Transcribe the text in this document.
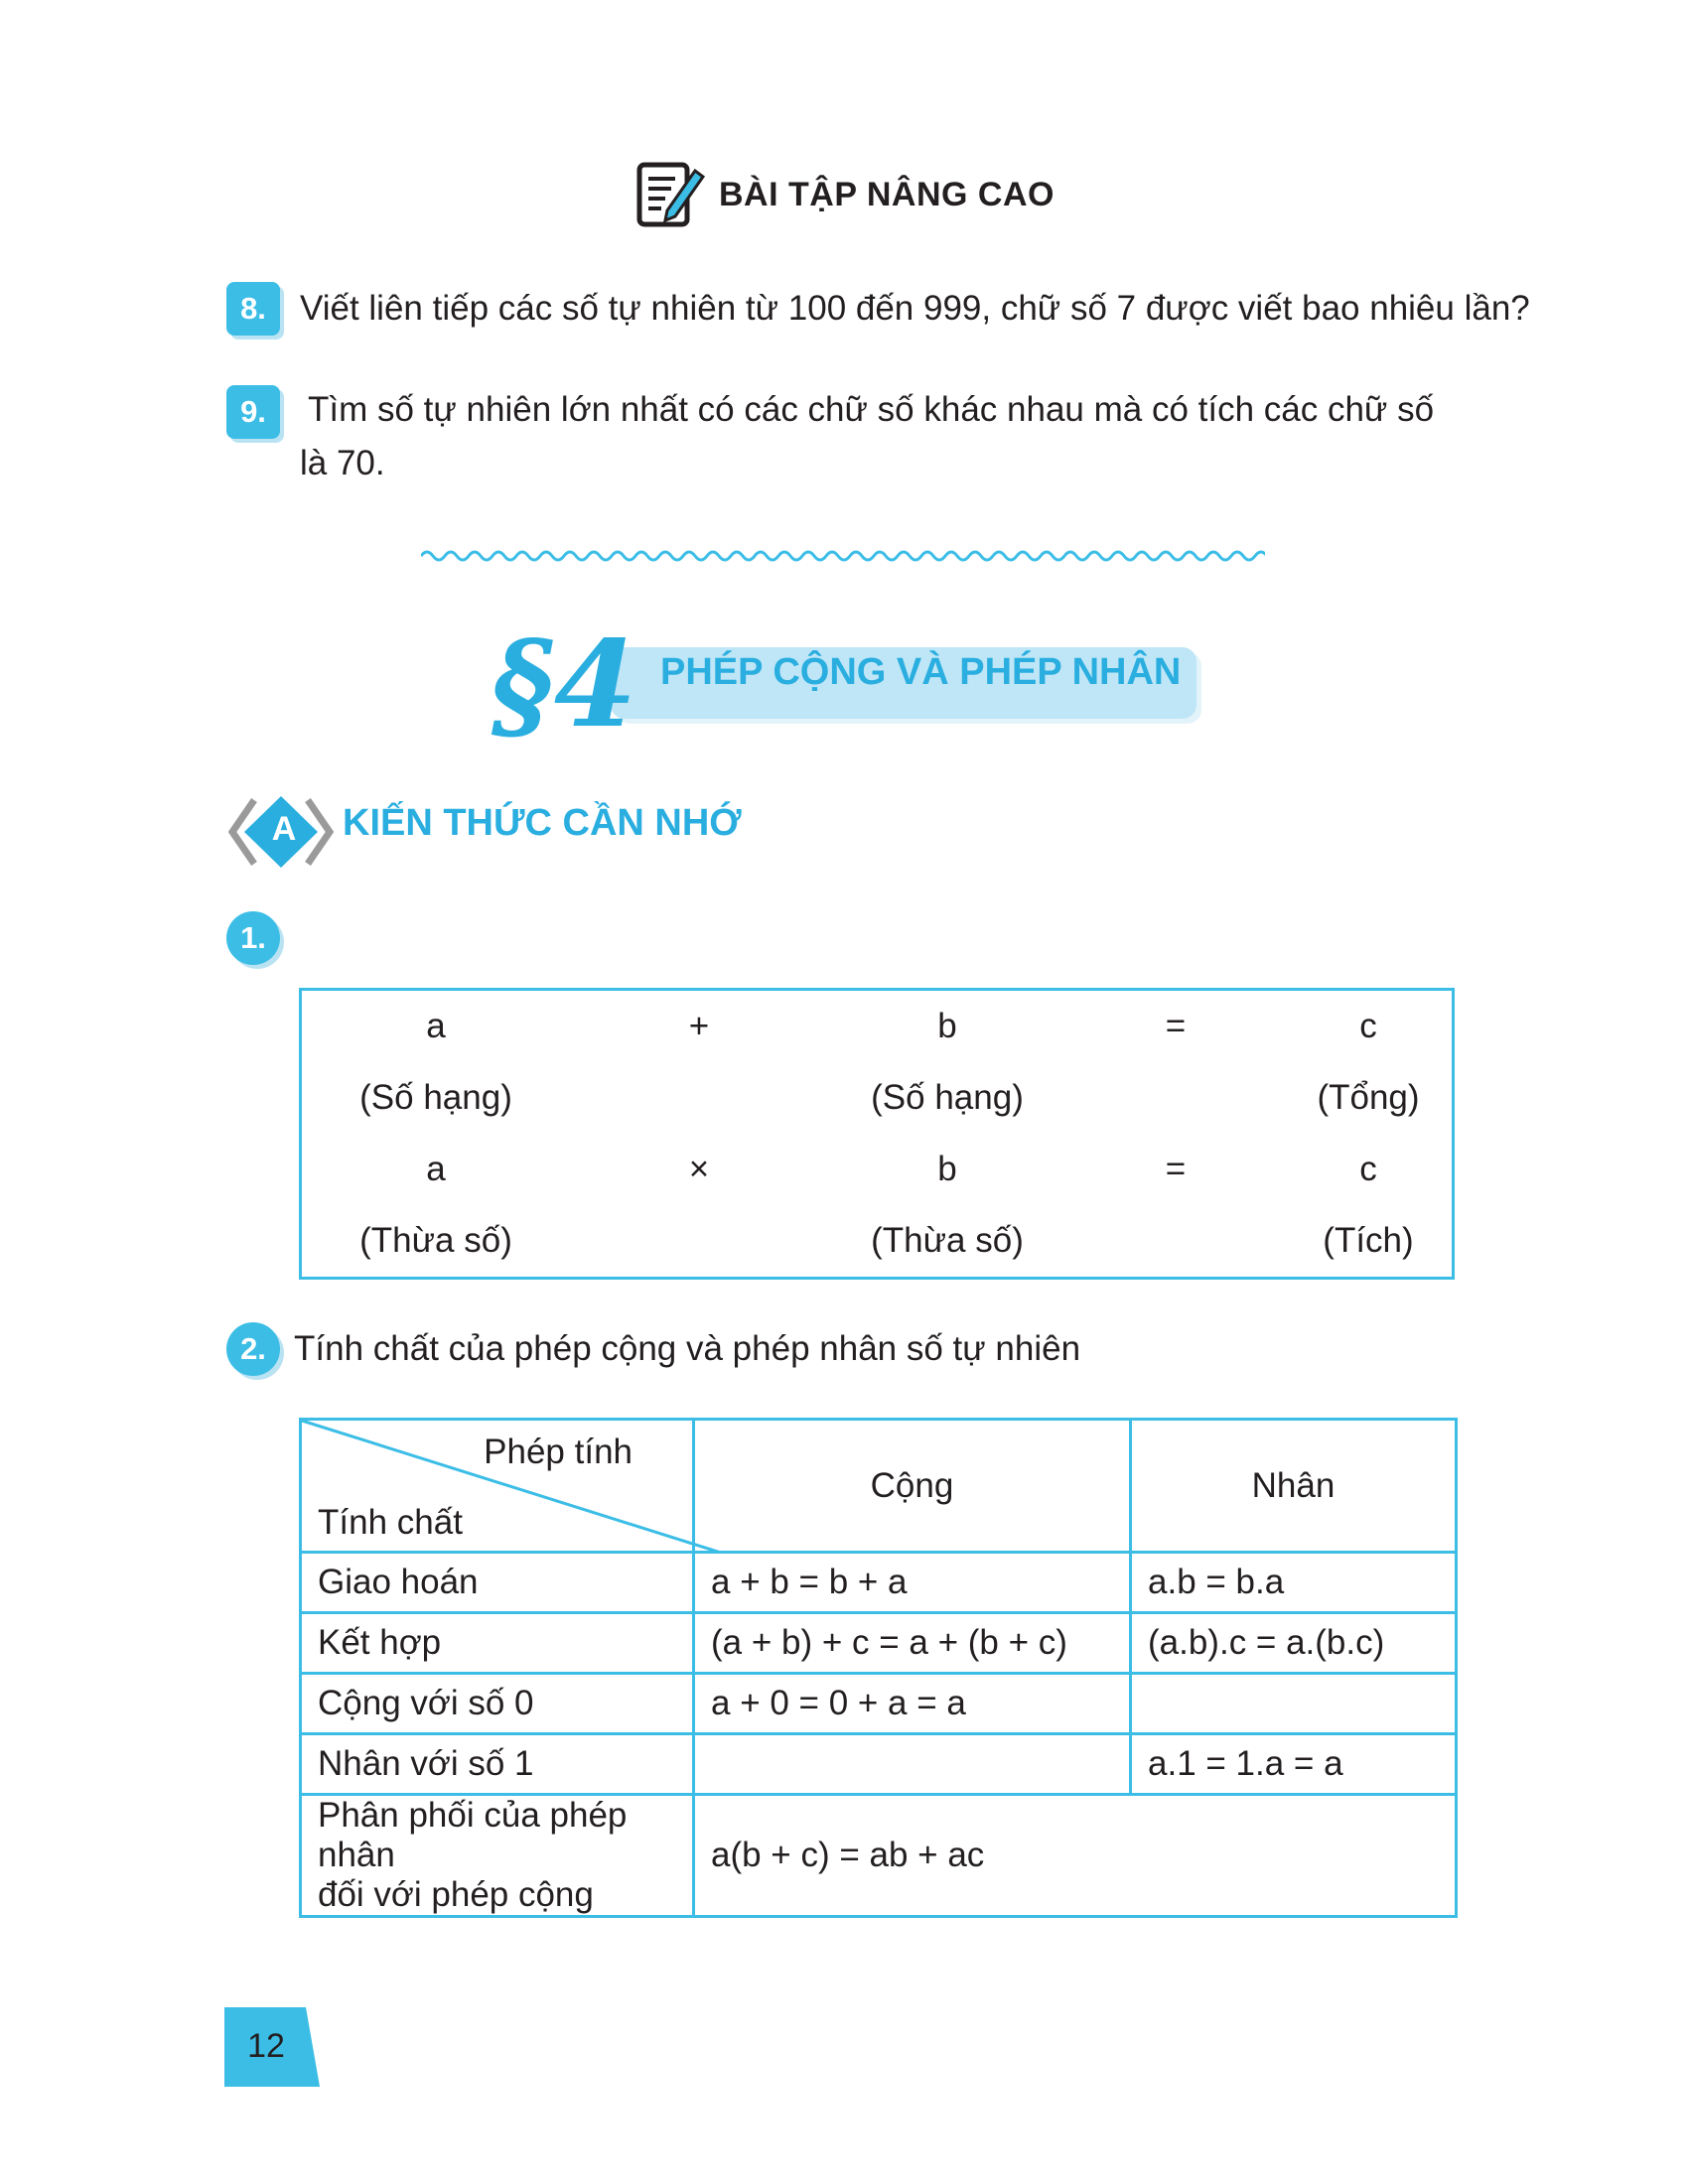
BÀI TẬP NÂNG CAO
8. Viết liên tiếp các số tự nhiên từ 100 đến 999, chữ số 7 được viết bao nhiêu lần?
9.	Tìm số tự nhiên lớn nhất có các chữ số khác nhau mà có tích các chữ số
là 70.
§4 PHÉP CỘNG VÀ PHÉP NHÂN
A KIẾN THỨC CẦN NHỚ
1.
a	+	b	=	c
(Số hạng)		(Số hạng)		(Tổng)
a	×	b	=	c
(Thừa số)		(Thừa số)		(Tích)
2. Tính chất của phép cộng và phép nhân số tự nhiên
Phép tính
Tính chất	Cộng	Nhân
Giao hoán	a + b = b + a	a.b = b.a
Kết hợp	(a + b) + c = a + (b + c)	(a.b).c = a.(b.c)
Cộng với số 0	a + 0 = 0 + a = a	
Nhân với số 1		a.1 = 1.a = a

Phân phối của phép nhân
đối với phép cộng	a(b + c) = ab + ac	
12
